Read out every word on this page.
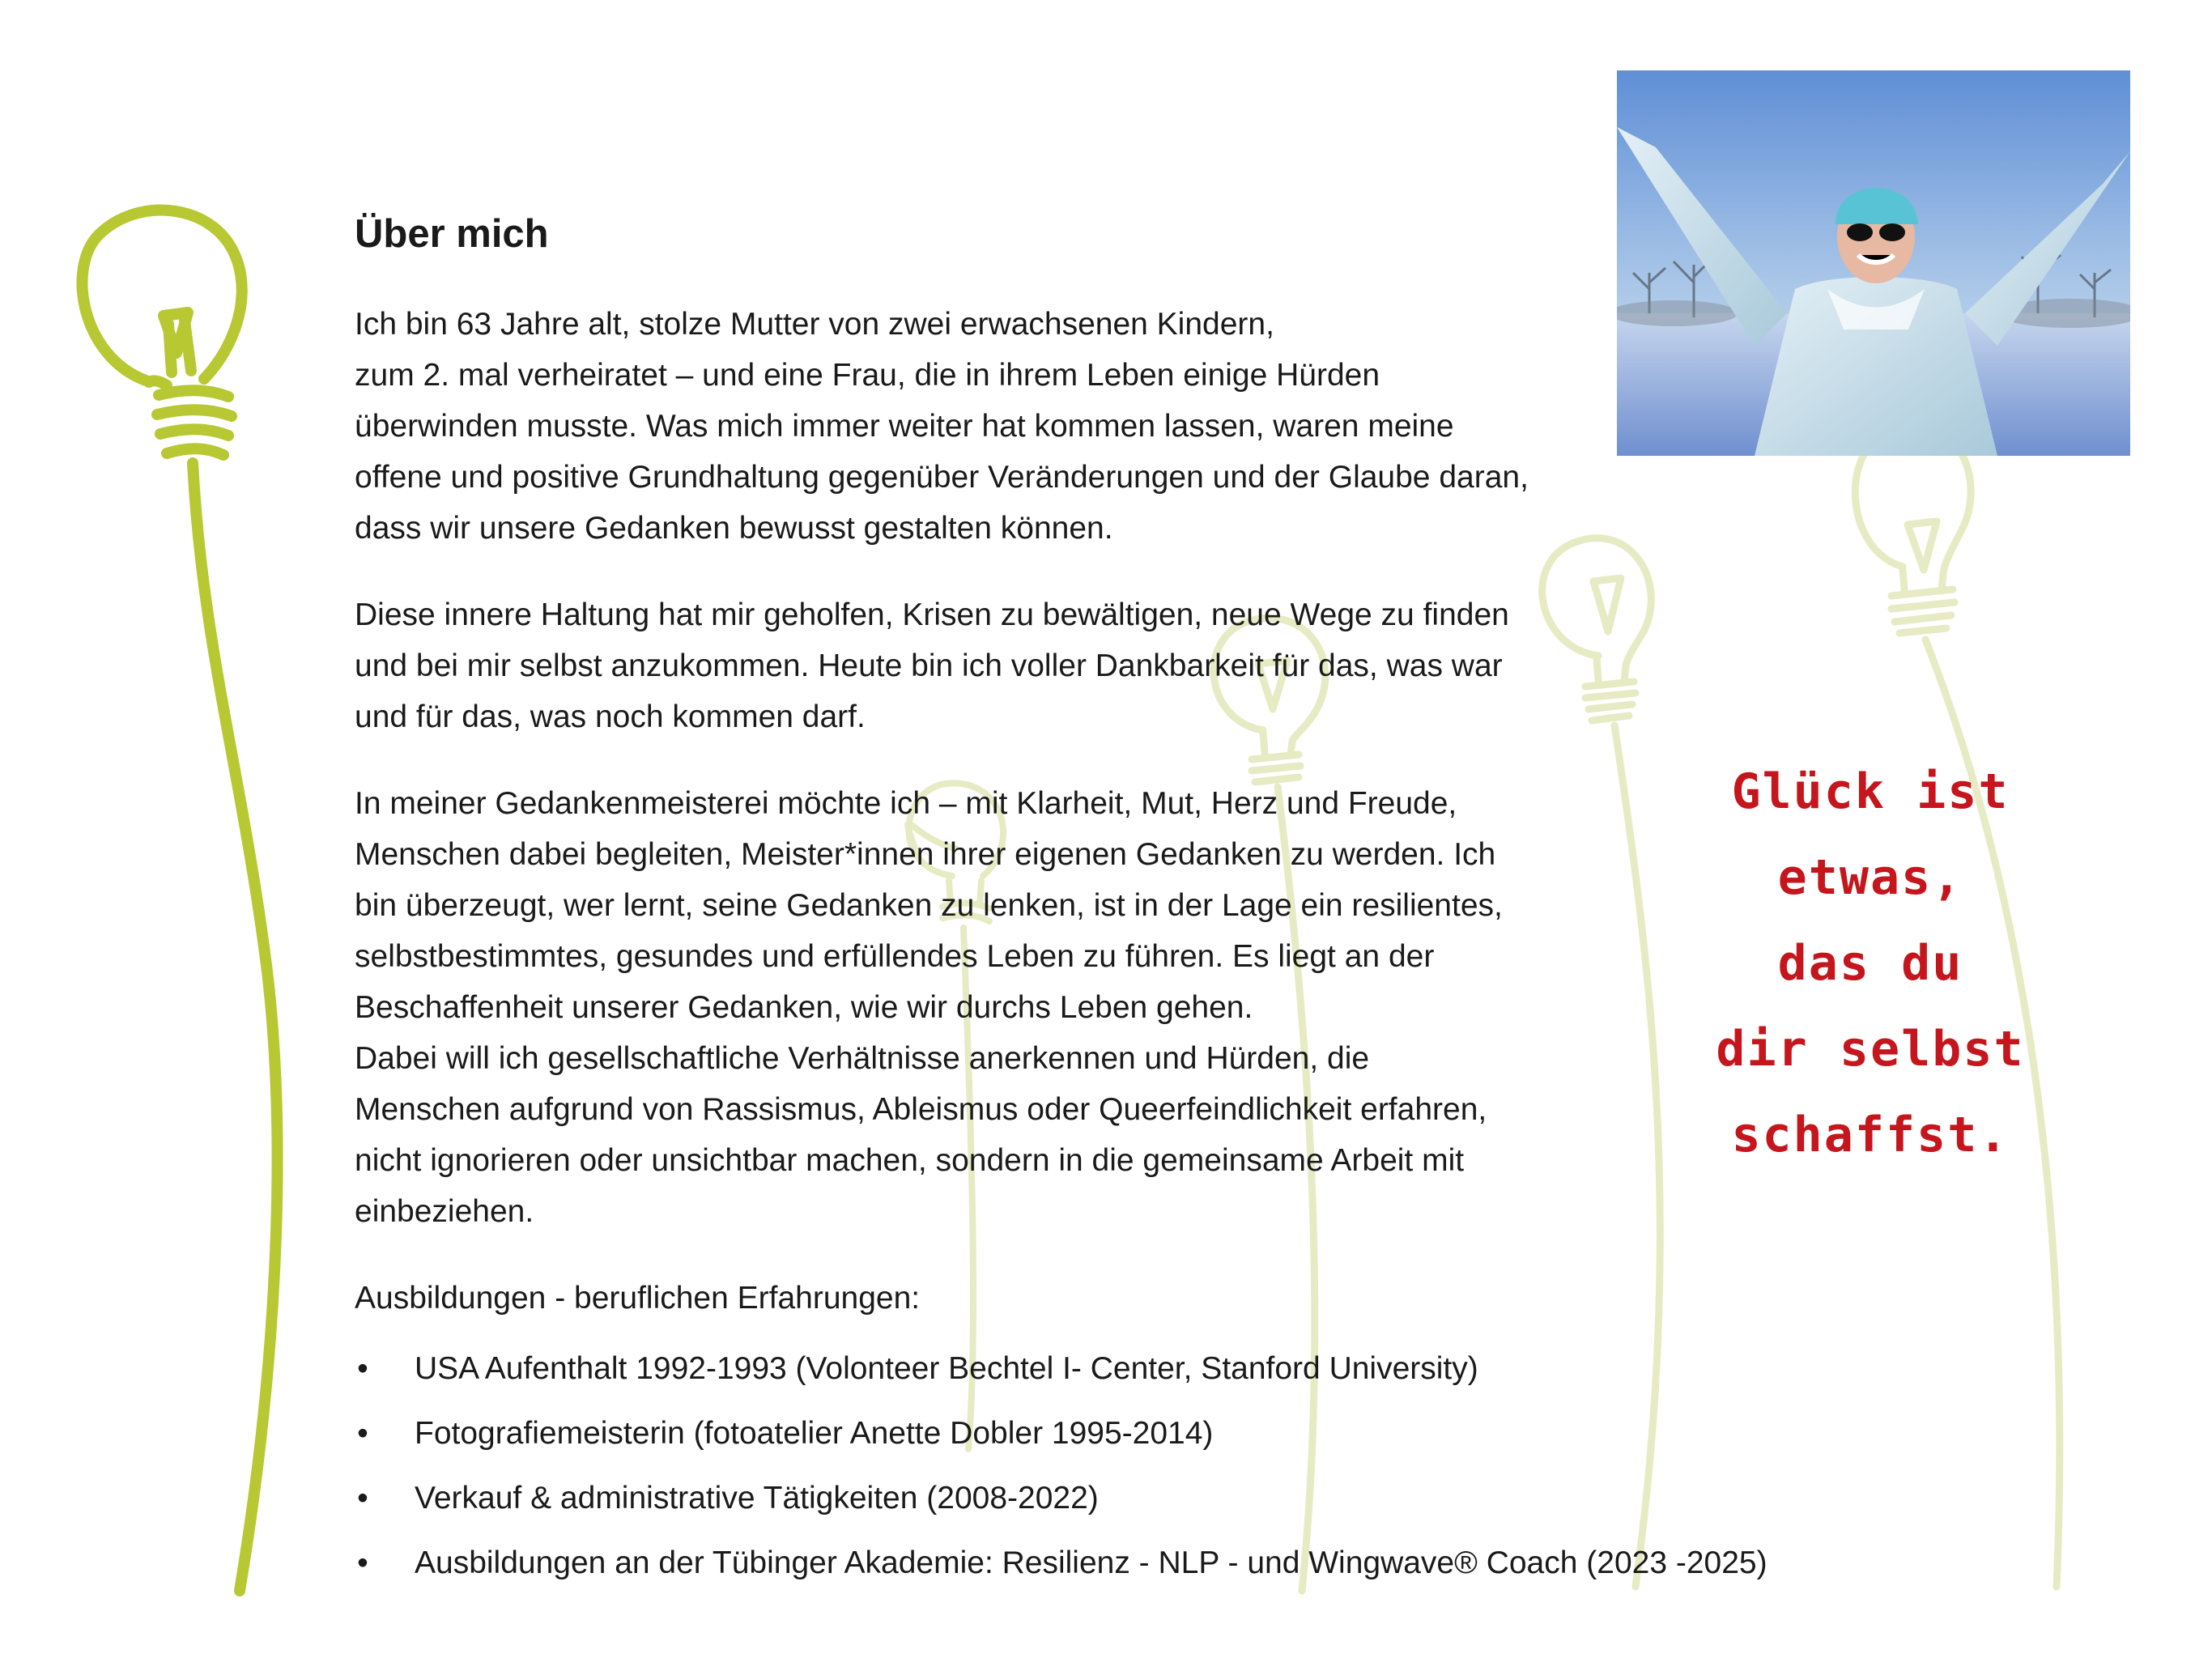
Über mich
Ich bin 63 Jahre alt, stolze Mutter von zwei erwachsenen Kindern,
zum 2. mal verheiratet – und eine Frau, die in ihrem Leben einige Hürden
überwinden musste. Was mich immer weiter hat kommen lassen, waren meine
offene und positive Grundhaltung gegenüber Veränderungen und der Glaube daran,
dass wir unsere Gedanken bewusst gestalten können.
Diese innere Haltung hat mir geholfen, Krisen zu bewältigen, neue Wege zu finden
und bei mir selbst anzukommen. Heute bin ich voller Dankbarkeit für das, was war
und für das, was noch kommen darf.
In meiner Gedankenmeisterei möchte ich – mit Klarheit, Mut, Herz und Freude,
Menschen dabei begleiten, Meister*innen ihrer eigenen Gedanken zu werden. Ich
bin überzeugt, wer lernt, seine Gedanken zu lenken, ist in der Lage ein resilientes,
selbstbestimmtes, gesundes und erfüllendes Leben zu führen. Es liegt an der
Beschaffenheit unserer Gedanken, wie wir durchs Leben gehen.
Dabei will ich gesellschaftliche Verhältnisse anerkennen und Hürden, die
Menschen aufgrund von Rassismus, Ableismus oder Queerfeindlichkeit erfahren,
nicht ignorieren oder unsichtbar machen, sondern in die gemeinsame Arbeit mit
einbeziehen.
Ausbildungen - beruflichen Erfahrungen:
• USA Aufenthalt 1992-1993 (Volonteer Bechtel I- Center, Stanford University)
• Fotografiemeisterin (fotoatelier Anette Dobler 1995-2014)
• Verkauf & administrative Tätigkeiten (2008-2022)
• Ausbildungen an der Tübinger Akademie: Resilienz - NLP - und Wingwave® Coach (2023 -2025)
Glück ist
etwas,
das du
dir selbst
schaffst.
